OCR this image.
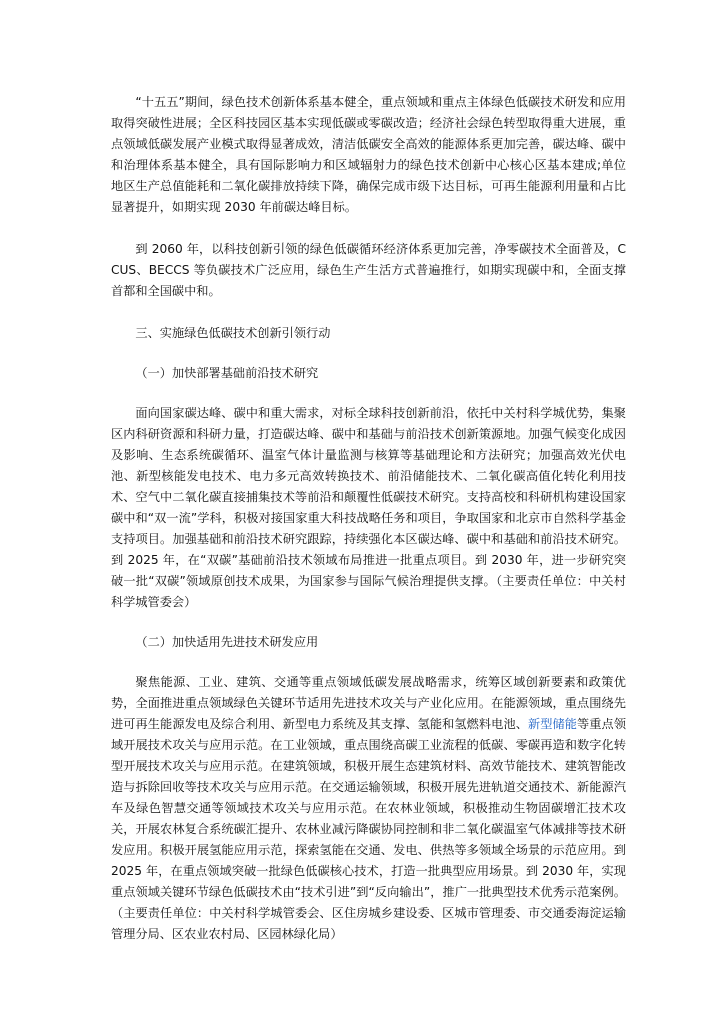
“十五五”期间，绿色技术创新体系基本健全，重点领域和重点主体绿色低碳技术研发和应用取得突破性进展；全区科技园区基本实现低碳或零碳改造；经济社会绿色转型取得重大进展，重点领域低碳发展产业模式取得显著成效，清洁低碳安全高效的能源体系更加完善，碳达峰、碳中和治理体系基本健全，具有国际影响力和区域辐射力的绿色技术创新中心核心区基本建成;单位地区生产总值能耗和二氧化碳排放持续下降，确保完成市级下达目标，可再生能源利用量和占比显著提升，如期实现 2030 年前碳达峰目标。

到 2060 年，以科技创新引领的绿色低碳循环经济体系更加完善，净零碳技术全面普及，CCUS、BECCS 等负碳技术广泛应用，绿色生产生活方式普遍推行，如期实现碳中和，全面支撑首都和全国碳中和。

三、实施绿色低碳技术创新引领行动

（一）加快部署基础前沿技术研究

面向国家碳达峰、碳中和重大需求，对标全球科技创新前沿，依托中关村科学城优势，集聚区内科研资源和科研力量，打造碳达峰、碳中和基础与前沿技术创新策源地。加强气候变化成因及影响、生态系统碳循环、温室气体计量监测与核算等基础理论和方法研究；加强高效光伏电池、新型核能发电技术、电力多元高效转换技术、前沿储能技术、二氧化碳高值化转化利用技术、空气中二氧化碳直接捕集技术等前沿和颠覆性低碳技术研究。支持高校和科研机构建设国家碳中和“双一流”学科，积极对接国家重大科技战略任务和项目，争取国家和北京市自然科学基金支持项目。加强基础和前沿技术研究跟踪，持续强化本区碳达峰、碳中和基础和前沿技术研究。到 2025 年，在“双碳”基础前沿技术领域布局推进一批重点项目。到 2030 年，进一步研究突破一批“双碳”领域原创技术成果，为国家参与国际气候治理提供支撑。（主要责任单位：中关村科学城管委会）

（二）加快适用先进技术研发应用

聚焦能源、工业、建筑、交通等重点领域低碳发展战略需求，统筹区域创新要素和政策优势，全面推进重点领域绿色关键环节适用先进技术攻关与产业化应用。在能源领域，重点围绕先进可再生能源发电及综合利用、新型电力系统及其支撑、氢能和氢燃料电池、新型储能等重点领域开展技术攻关与应用示范。在工业领域，重点围绕高碳工业流程的低碳、零碳再造和数字化转型开展技术攻关与应用示范。在建筑领域，积极开展生态建筑材料、高效节能技术、建筑智能改造与拆除回收等技术攻关与应用示范。在交通运输领域，积极开展先进轨道交通技术、新能源汽车及绿色智慧交通等领域技术攻关与应用示范。在农林业领域，积极推动生物固碳增汇技术攻关，开展农林复合系统碳汇提升、农林业减污降碳协同控制和非二氧化碳温室气体减排等技术研发应用。积极开展氢能应用示范，探索氢能在交通、发电、供热等多领域全场景的示范应用。到 2025 年，在重点领域突破一批绿色低碳核心技术，打造一批典型应用场景。到 2030 年，实现重点领域关键环节绿色低碳技术由“技术引进”到“反向输出”，推广一批典型技术优秀示范案例。（主要责任单位：中关村科学城管委会、区住房城乡建设委、区城市管理委、市交通委海淀运输管理分局、区农业农村局、区园林绿化局）
